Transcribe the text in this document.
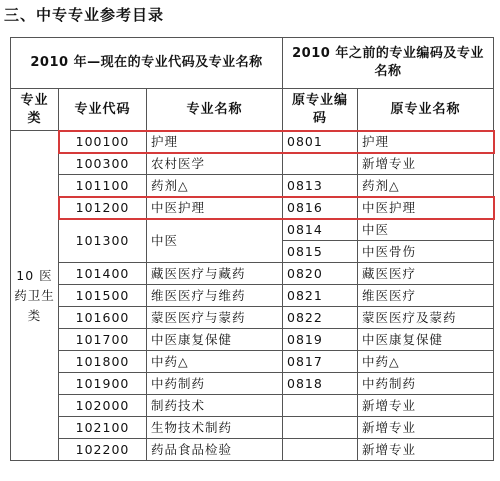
三、中专专业参考目录
2010 年—现在的专业代码及专业名称			2010 年之前的专业编码及专业名称	
专业类	专业代码	专业名称	原专业编码	原专业名称
10 医药卫生类	100100	护理	0801	护理
	100300	农村医学		新增专业
	101100	药剂△	0813	药剂△
	101200	中医护理	0816	中医护理
	101300	中医	0814	中医
			0815	中医骨伤
	101400	藏医医疗与藏药	0820	藏医医疗
	101500	维医医疗与维药	0821	维医医疗
	101600	蒙医医疗与蒙药	0822	蒙医医疗及蒙药
	101700	中医康复保健	0819	中医康复保健
	101800	中药△	0817	中药△
	101900	中药制药	0818	中药制药
	102000	制药技术		新增专业
	102100	生物技术制药		新增专业
	102200	药品食品检验		新增专业
